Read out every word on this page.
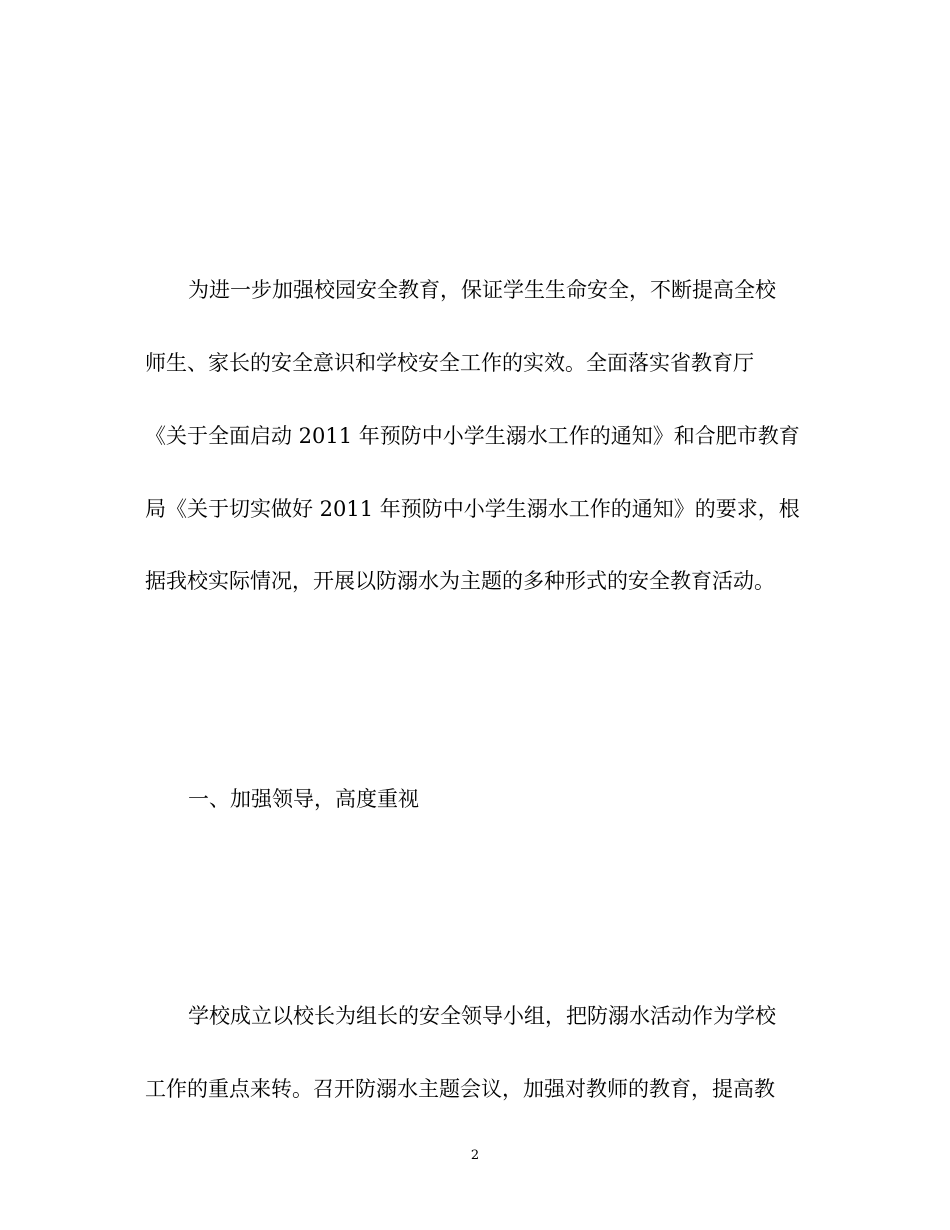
为进一步加强校园安全教育，保证学生生命安全，不断提高全校
师生、家长的安全意识和学校安全工作的实效。全面落实省教育厅
《关于全面启动 2011 年预防中小学生溺水工作的通知》和合肥市教育
局《关于切实做好 2011 年预防中小学生溺水工作的通知》的要求，根
据我校实际情况，开展以防溺水为主题的多种形式的安全教育活动。
一、加强领导，高度重视
学校成立以校长为组长的安全领导小组，把防溺水活动作为学校
工作的重点来转。召开防溺水主题会议，加强对教师的教育，提高教
2
